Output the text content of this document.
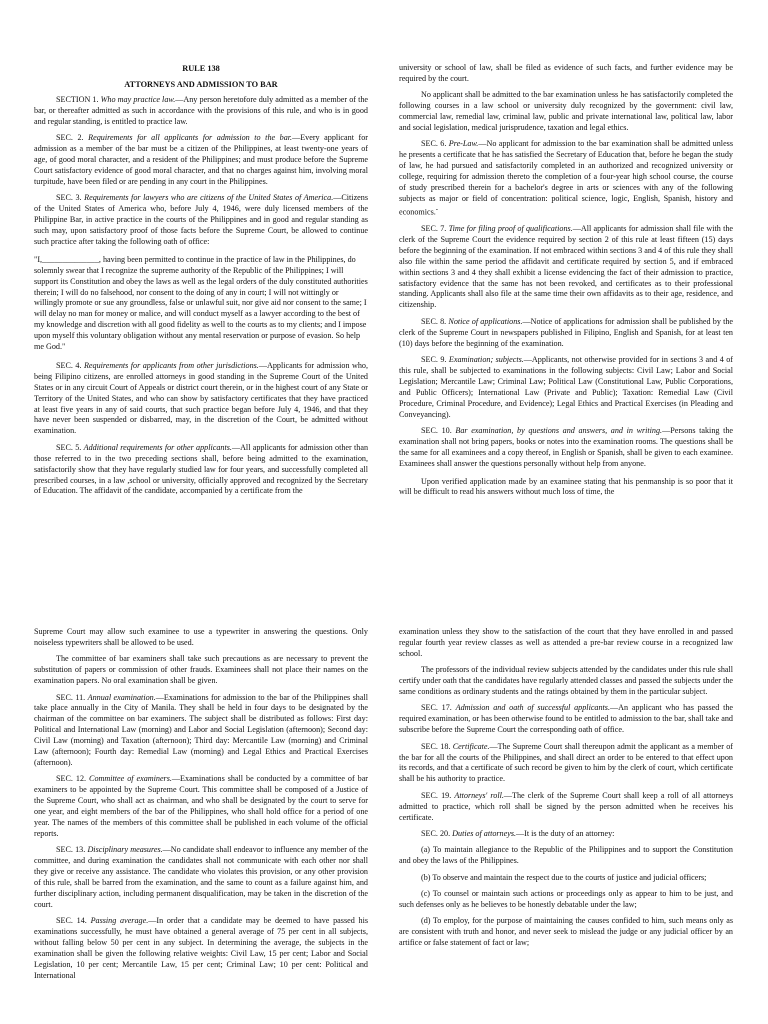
RULE 138
ATTORNEYS AND ADMISSION TO BAR

SECTION 1. Who may practice law.—Any person heretofore duly admitted as a member of the bar, or thereafter admitted as such in accordance with the provisions of this rule, and who is in good and regular standing, is entitled to practice law.

SEC. 2. Requirements for all applicants for admission to the bar.—Every applicant for admission as a member of the bar must be a citizen of the Philippines, at least twenty-one years of age, of good moral character, and a resident of the Philippines; and must produce before the Supreme Court satisfactory evidence of good moral character, and that no charges against him, involving moral turpitude, have been filed or are pending in any court in the Philippines.

SEC. 3. Requirements for lawyers who are citizens of the United States of America.—Citizens of the United States of America who, before July 4, 1946, were duly licensed members of the Philippine Bar, in active practice in the courts of the Philippines and in good and regular standing as such may, upon satisfactory proof of those facts before the Supreme Court, be allowed to continue such practice after taking the following oath of office:

"I,______________, having been permitted to continue in the practice of law in the Philippines, do solemnly swear that I recognize the supreme authority of the Republic of the Philippines; I will support its Constitution and obey the laws as well as the legal orders of the duly constituted authorities therein; I will do no falsehood, nor consent to the doing of any in court; I will not wittingly or willingly promote or sue any groundless, false or unlawful suit, nor give aid nor consent to the same; I will delay no man for money or malice, and will conduct myself as a lawyer according to the best of my knowledge and discretion with all good fidelity as well to the courts as to my clients; and I impose upon myself this voluntary obligation without any mental reservation or purpose of evasion. So help me God."

SEC. 4. Requirements for applicants from other jurisdictions.—Applicants for admission who, being Filipino citizens, are enrolled attorneys in good standing in the Supreme Court of the United States or in any circuit Court of Appeals or district court therein, or in the highest court of any State or Territory of the United States, and who can show by satisfactory certificates that they have practiced at least five years in any of said courts, that such practice began before July 4, 1946, and that they have never been suspended or disbarred, may, in the discretion of the Court, be admitted without examination.

SEC. 5. Additional requirements for other applicants.—All applicants for admission other than those referred to in the two preceding sections shall, before being admitted to the examination, satisfactorily show that they have regularly studied law for four years, and successfully completed all prescribed courses, in a law ,school or university, officially approved and recognized by the Secretary of Education. The affidavit of the candidate, accompanied by a certificate from the

university or school of law, shall be filed as evidence of such facts, and further evidence may be required by the court.

No applicant shall be admitted to the bar examination unless he has satisfactorily completed the following courses in a law school or university duly recognized by the government: civil law, commercial law, remedial law, criminal law, public and private international law, political law, labor and social legislation, medical jurisprudence, taxation and legal ethics.

SEC. 6. Pre-Law.—No applicant for admission to the bar examination shall be admitted unless he presents a certificate that he has satisfied the Secretary of Education that, before he began the study of law, he had pursued and satisfactorily completed in an authorized and recognized university or college, requiring for admission thereto the completion of a four-year high school course, the course of study prescribed therein for a bachelor's degree in arts or sciences with any of the following subjects as major or field of concentration: political science, logic, English, Spanish, history and economics.-

SEC. 7. Time for filing proof of qualifications.—All applicants for admission shall file with the clerk of the Supreme Court the evidence required by section 2 of this rule at least fifteen (15) days before the beginning of the examination. If not embraced within sections 3 and 4 of this rule they shall also file within the same period the affidavit and certificate required by section 5, and if embraced within sections 3 and 4 they shall exhibit a license evidencing the fact of their admission to practice, satisfactory evidence that the same has not been revoked, and certificates as to their professional standing. Applicants shall also file at the same time their own affidavits as to their age, residence, and citizenship.

SEC. 8. Notice of applications.—Notice of applications for admission shall be published by the clerk of the Supreme Court in newspapers published in Filipino, English and Spanish, for at least ten (10) days before the beginning of the examination.

SEC. 9. Examination; subjects.—Applicants, not otherwise provided for in sections 3 and 4 of this rule, shall be subjected to examinations in the following subjects: Civil Law; Labor and Social Legislation; Mercantile Law; Criminal Law; Political Law (Constitutional Law, Public Corporations, and Public Officers); International Law (Private and Public); Taxation: Remedial Law (Civil Procedure, Criminal Procedure, and Evidence); Legal Ethics and Practical Exercises (in Pleading and Conveyancing).

SEC. 10. Bar examination, by questions and answers, and in writing.—Persons taking the examination shall not bring papers, books or notes into the examination rooms. The questions shall be the same for all examinees and a copy thereof, in English or Spanish, shall be given to each examinee. Examinees shall answer the questions personally without help from anyone.

Upon verified application made by an examinee stating that his penmanship is so poor that it will be difficult to read his answers without much loss of time, the

Supreme Court may allow such examinee to use a typewriter in answering the questions. Only noiseless typewriters shall be allowed to be used.

The committee of bar examiners shall take such precautions as are necessary to prevent the substitution of papers or commission of other frauds. Examinees shall not place their names on the examination papers. No oral examination shall be given.

SEC. 11. Annual examination.—Examinations for admission to the bar of the Philippines shall take place annually in the City of Manila. They shall be held in four days to be designated by the chairman of the committee on bar examiners. The subject shall be distributed as follows: First day: Political and International Law (morning) and Labor and Social Legislation (afternoon); Second day: Civil Law (morning) and Taxation (afternoon); Third day: Mercantile Law (morning) and Criminal Law (afternoon); Fourth day: Remedial Law (morning) and Legal Ethics and Practical Exercises (afternoon).

SEC. 12. Committee of examiners.—Examinations shall be conducted by a committee of bar examiners to be appointed by the Supreme Court. This committee shall be composed of a Justice of the Supreme Court, who shall act as chairman, and who shall be designated by the court to serve for one year, and eight members of the bar of the Philippines, who shall hold office for a period of one year. The names of the members of this committee shall be published in each volume of the official reports.

SEC. 13. Disciplinary measures.—No candidate shall endeavor to influence any member of the committee, and during examination the candidates shall not communicate with each other nor shall they give or receive any assistance. The candidate who violates this provision, or any other provision of this rule, shall be barred from the examination, and the same to count as a failure against him, and further disciplinary action, including permanent disqualification, may be taken in the discretion of the court.

SEC. 14. Passing average.—In order that a candidate may be deemed to have passed his examinations successfully, he must have obtained a general average of 75 per cent in all subjects, without falling below 50 per cent in any subject. In determining the average, the subjects in the examination shall be given the following relative weights: Civil Law, 15 per cent; Labor and Social Legislation, 10 per cent; Mercantile Law, 15 per cent; Criminal Law; 10 per cent: Political and International

examination unless they show to the satisfaction of the court that they have enrolled in and passed regular fourth year review classes as well as attended a pre-bar review course in a recognized law school.

The professors of the individual review subjects attended by the candidates under this rule shall certify under oath that the candidates have regularly attended classes and passed the subjects under the same conditions as ordinary students and the ratings obtained by them in the particular subject.

SEC. 17. Admission and oath of successful applicants.—An applicant who has passed the required examination, or has been otherwise found to be entitled to admission to the bar, shall take and subscribe before the Supreme Court the corresponding oath of office.

SEC. 18. Certificate.—The Supreme Court shall thereupon admit the applicant as a member of the bar for all the courts of the Philippines, and shall direct an order to be entered to that effect upon its records, and that a certificate of such record be given to him by the clerk of court, which certificate shall be his authority to practice.

SEC. 19. Attorneys' roll.—The clerk of the Supreme Court shall keep a roll of all attorneys admitted to practice, which roll shall be signed by the person admitted when he receives his certificate.

SEC. 20. Duties of attorneys.—It is the duty of an attorney:

(a) To maintain allegiance to the Republic of the Philippines and to support the Constitution and obey the laws of the Philippines.

(b) To observe and maintain the respect due to the courts of justice and judicial officers;

(c) To counsel or maintain such actions or proceedings only as appear to him to be just, and such defenses only as he believes to be honestly debatable under the law;

(d) To employ, for the purpose of maintaining the causes confided to him, such means only as are consistent with truth and honor, and never seek to mislead the judge or any judicial officer by an artifice or false statement of fact or law;
